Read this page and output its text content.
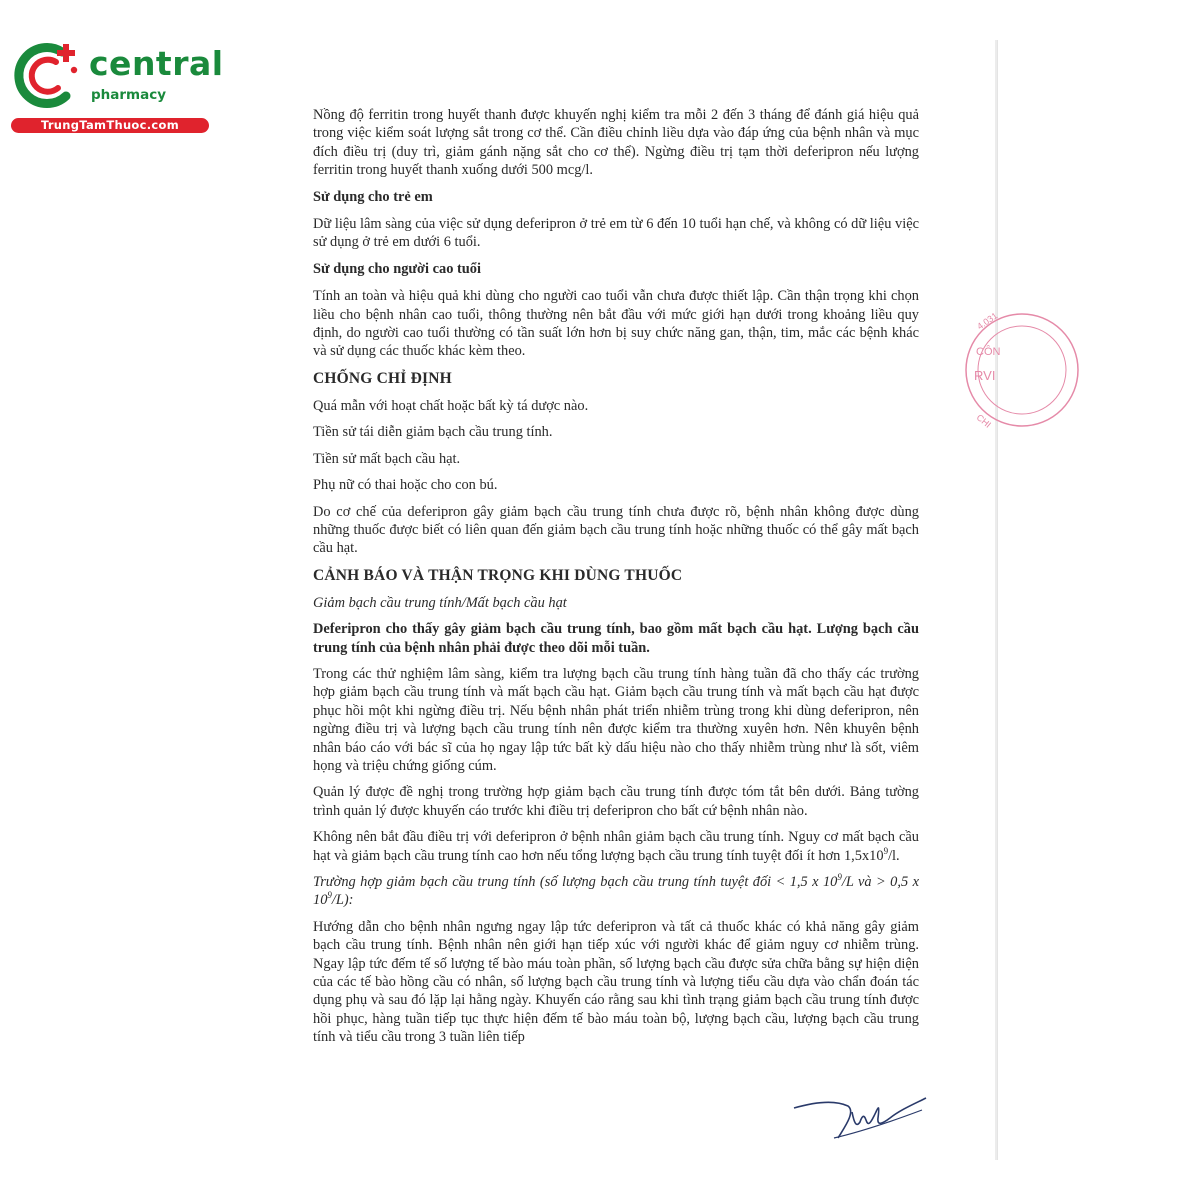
central
pharmacy
TrungTamThuoc.com
4.031
CÔN
RVI
CHI

Nồng độ ferritin trong huyết thanh được khuyến nghị kiểm tra mỗi 2 đến 3 tháng để đánh giá hiệu quả trong việc kiểm soát lượng sắt trong cơ thể. Cần điều chỉnh liều dựa vào đáp ứng của bệnh nhân và mục đích điều trị (duy trì, giảm gánh nặng sắt cho cơ thể). Ngừng điều trị tạm thời deferipron nếu lượng ferritin trong huyết thanh xuống dưới 500 mcg/l.

Sử dụng cho trẻ em

Dữ liệu lâm sàng của việc sử dụng deferipron ở trẻ em từ 6 đến 10 tuổi hạn chế, và không có dữ liệu việc sử dụng ở trẻ em dưới 6 tuổi.

Sử dụng cho người cao tuổi

Tính an toàn và hiệu quả khi dùng cho người cao tuổi vẫn chưa được thiết lập. Cần thận trọng khi chọn liều cho bệnh nhân cao tuổi, thông thường nên bắt đầu với mức giới hạn dưới trong khoảng liều quy định, do người cao tuổi thường có tần suất lớn hơn bị suy chức năng gan, thận, tim, mắc các bệnh khác và sử dụng các thuốc khác kèm theo.

CHỐNG CHỈ ĐỊNH

Quá mẫn với hoạt chất hoặc bất kỳ tá dược nào.

Tiền sử tái diễn giảm bạch cầu trung tính.

Tiền sử mất bạch cầu hạt.

Phụ nữ có thai hoặc cho con bú.

Do cơ chế của deferipron gây giảm bạch cầu trung tính chưa được rõ, bệnh nhân không được dùng những thuốc được biết có liên quan đến giảm bạch cầu trung tính hoặc những thuốc có thể gây mất bạch cầu hạt.

CẢNH BÁO VÀ THẬN TRỌNG KHI DÙNG THUỐC

Giảm bạch cầu trung tính/Mất bạch cầu hạt

Deferipron cho thấy gây giảm bạch cầu trung tính, bao gồm mất bạch cầu hạt. Lượng bạch cầu trung tính của bệnh nhân phải được theo dõi mỗi tuần.

Trong các thử nghiệm lâm sàng, kiểm tra lượng bạch cầu trung tính hàng tuần đã cho thấy các trường hợp giảm bạch cầu trung tính và mất bạch cầu hạt. Giảm bạch cầu trung tính và mất bạch cầu hạt được phục hồi một khi ngừng điều trị. Nếu bệnh nhân phát triển nhiễm trùng trong khi dùng deferipron, nên ngừng điều trị và lượng bạch cầu trung tính nên được kiểm tra thường xuyên hơn. Nên khuyên bệnh nhân báo cáo với bác sĩ của họ ngay lập tức bất kỳ dấu hiệu nào cho thấy nhiễm trùng như là sốt, viêm họng và triệu chứng giống cúm.

Quản lý được đề nghị trong trường hợp giảm bạch cầu trung tính được tóm tắt bên dưới. Bảng tường trình quản lý được khuyến cáo trước khi điều trị deferipron cho bất cứ bệnh nhân nào.

Không nên bắt đầu điều trị với deferipron ở bệnh nhân giảm bạch cầu trung tính. Nguy cơ mất bạch cầu hạt và giảm bạch cầu trung tính cao hơn nếu tổng lượng bạch cầu trung tính tuyệt đối ít hơn $1,5x10^9/l$.

Trường hợp giảm bạch cầu trung tính (số lượng bạch cầu trung tính tuyệt đối < 1,5 x $10^9/L$ và > 0,5 x $10^9/L$):

Hướng dẫn cho bệnh nhân ngưng ngay lập tức deferipron và tất cả thuốc khác có khả năng gây giảm bạch cầu trung tính. Bệnh nhân nên giới hạn tiếp xúc với người khác để giảm nguy cơ nhiễm trùng. Ngay lập tức đếm tế số lượng tế bào máu toàn phần, số lượng bạch cầu được sửa chữa bằng sự hiện diện của các tế bào hồng cầu có nhân, số lượng bạch cầu trung tính và lượng tiểu cầu dựa vào chẩn đoán tác dụng phụ và sau đó lặp lại hằng ngày. Khuyến cáo rằng sau khi tình trạng giảm bạch cầu trung tính được hồi phục, hàng tuần tiếp tục thực hiện đếm tế bào máu toàn bộ, lượng bạch cầu, lượng bạch cầu trung tính và tiểu cầu trong 3 tuần liên tiếp
